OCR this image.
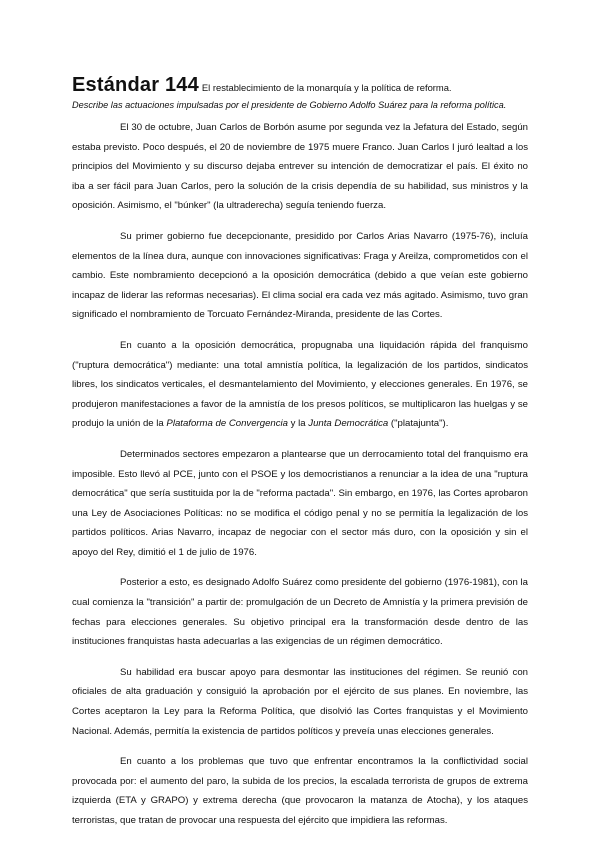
Estándar 144 El restablecimiento de la monarquía y la política de reforma.
Describe las actuaciones impulsadas por el presidente de Gobierno Adolfo Suárez para la reforma política.

El 30 de octubre, Juan Carlos de Borbón asume por segunda vez la Jefatura del Estado, según estaba previsto. Poco después, el 20 de noviembre de 1975 muere Franco. Juan Carlos I juró lealtad a los principios del Movimiento y su discurso dejaba entrever su intención de democratizar el país. El éxito no iba a ser fácil para Juan Carlos, pero la solución de la crisis dependía de su habilidad, sus ministros y la oposición. Asimismo, el "búnker" (la ultraderecha) seguía teniendo fuerza.

Su primer gobierno fue decepcionante, presidido por Carlos Arias Navarro (1975-76), incluía elementos de la línea dura, aunque con innovaciones significativas: Fraga y Areilza, comprometidos con el cambio. Este nombramiento decepcionó a la oposición democrática (debido a que veían este gobierno incapaz de liderar las reformas necesarias). El clima social era cada vez más agitado. Asimismo, tuvo gran significado el nombramiento de Torcuato Fernández-Miranda, presidente de las Cortes.

En cuanto a la oposición democrática, propugnaba una liquidación rápida del franquismo ("ruptura democrática") mediante: una total amnistía política, la legalización de los partidos, sindicatos libres, los sindicatos verticales, el desmantelamiento del Movimiento, y elecciones generales. En 1976, se produjeron manifestaciones a favor de la amnistía de los presos políticos, se multiplicaron las huelgas y se produjo la unión de la Plataforma de Convergencia y la Junta Democrática ("platajunta").

Determinados sectores empezaron a plantearse que un derrocamiento total del franquismo era imposible. Esto llevó al PCE, junto con el PSOE y los democristianos a renunciar a la idea de una "ruptura democrática" que sería sustituida por la de "reforma pactada". Sin embargo, en 1976, las Cortes aprobaron una Ley de Asociaciones Políticas: no se modifica el código penal y no se permitía la legalización de los partidos políticos. Arias Navarro, incapaz de negociar con el sector más duro, con la oposición y sin el apoyo del Rey, dimitió el 1 de julio de 1976.

Posterior a esto, es designado Adolfo Suárez como presidente del gobierno (1976-1981), con la cual comienza la "transición" a partir de: promulgación de un Decreto de Amnistía y la primera previsión de fechas para elecciones generales. Su objetivo principal era la transformación desde dentro de las instituciones franquistas hasta adecuarlas a las exigencias de un régimen democrático.

Su habilidad era buscar apoyo para desmontar las instituciones del régimen. Se reunió con oficiales de alta graduación y consiguió la aprobación por el ejército de sus planes. En noviembre, las Cortes aceptaron la Ley para la Reforma Política, que disolvió las Cortes franquistas y el Movimiento Nacional. Además, permitía la existencia de partidos políticos y preveía unas elecciones generales.

En cuanto a los problemas que tuvo que enfrentar encontramos la la conflictividad social provocada por: el aumento del paro, la subida de los precios, la escalada terrorista de grupos de extrema izquierda (ETA y GRAPO) y extrema derecha (que provocaron la matanza de Atocha), y los ataques terroristas, que tratan de provocar una respuesta del ejército que impidiera las reformas.
